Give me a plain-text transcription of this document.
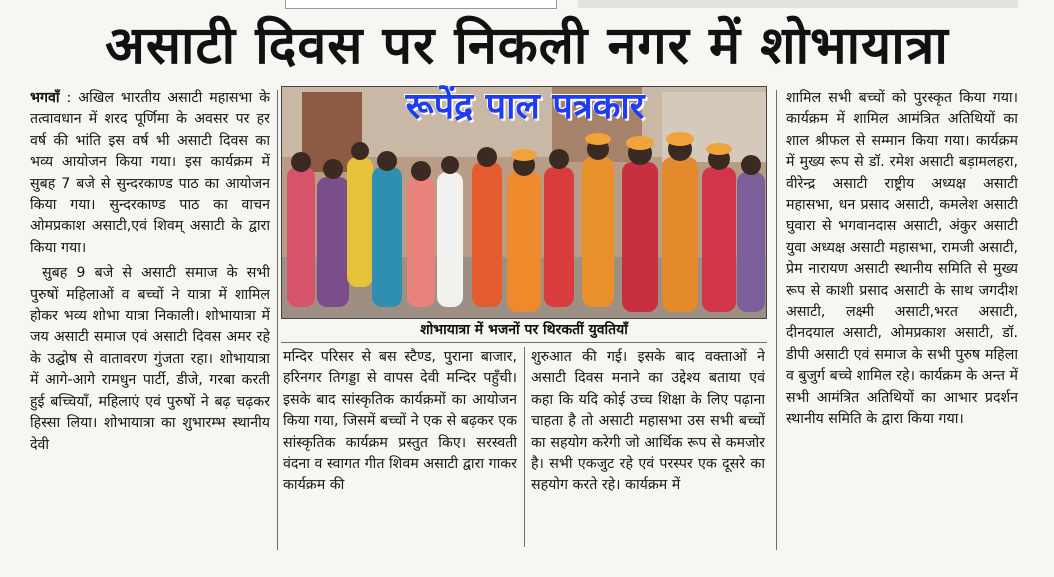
असाटी दिवस पर निकली नगर में शोभायात्रा

भगवाँ : अखिल भारतीय असाटी महासभा के तत्वावधान में शरद पूर्णिमा के अवसर पर हर वर्ष की भांति इस वर्ष भी असाटी दिवस का भव्य आयोजन किया गया। इस कार्यक्रम में सुबह 7 बजे से सुन्दरकाण्ड पाठ का आयोजन किया गया। सुन्दरकाण्ड पाठ का वाचन ओमप्रकाश असाटी,एवं शिवम् असाटी के द्वारा किया गया।

सुबह 9 बजे से असाटी समाज के सभी पुरुषों महिलाओं व बच्चों ने यात्रा में शामिल होकर भव्य शोभा यात्रा निकाली। शोभायात्रा में जय असाटी समाज एवं असाटी दिवस अमर रहे के उद्घोष से वातावरण गुंजता रहा। शोभायात्रा में आगे-आगे रामधुन पार्टी, डीजे, गरबा करती हुई बच्चियाँ, महिलाएं एवं पुरुषों ने बढ़ चढ़कर हिस्सा लिया। शोभायात्रा का शुभारम्भ स्थानीय देवी

रूपेंद्र पाल पत्रकार
शोभायात्रा में भजनों पर थिरकतीं युवतियाँ

मन्दिर परिसर से बस स्टैण्ड, पुराना बाजार, हरिनगर तिगड्डा से वापस देवी मन्दिर पहुँची। इसके बाद सांस्कृतिक कार्यक्रमों का आयोजन किया गया, जिसमें बच्चों ने एक से बढ़कर एक सांस्कृतिक कार्यक्रम प्रस्तुत किए। सरस्वती वंदना व स्वागत गीत शिवम असाटी द्वारा गाकर कार्यक्रम की

शुरुआत की गई। इसके बाद वक्ताओं ने असाटी दिवस मनाने का उद्देश्य बताया एवं कहा कि यदि कोई उच्च शिक्षा के लिए पढ़ाना चाहता है तो असाटी महासभा उस सभी बच्चों का सहयोग करेगी जो आर्थिक रूप से कमजोर है। सभी एकजुट रहे एवं परस्पर एक दूसरे का सहयोग करते रहे। कार्यक्रम में

शामिल सभी बच्चों को पुरस्कृत किया गया। कार्यक्रम में शामिल आमंत्रित अतिथियों का शाल श्रीफल से सम्मान किया गया। कार्यक्रम में मुख्य रूप से डॉ. रमेश असाटी बड़ामलहरा, वीरेन्द्र असाटी राष्ट्रीय अध्यक्ष असाटी महासभा, धन प्रसाद असाटी, कमलेश असाटी घुवारा से भगवानदास असाटी, अंकुर असाटी युवा अध्यक्ष असाटी महासभा, रामजी असाटी, प्रेम नारायण असाटी स्थानीय समिति से मुख्य रूप से काशी प्रसाद असाटी के साथ जगदीश असाटी, लक्ष्मी असाटी,भरत असाटी, दीनदयाल असाटी, ओमप्रकाश असाटी, डॉ. डीपी असाटी एवं समाज के सभी पुरुष महिला व बुजुर्ग बच्चे शामिल रहे। कार्यक्रम के अन्त में सभी आमंत्रित अतिथियों का आभार प्रदर्शन स्थानीय समिति के द्वारा किया गया।
